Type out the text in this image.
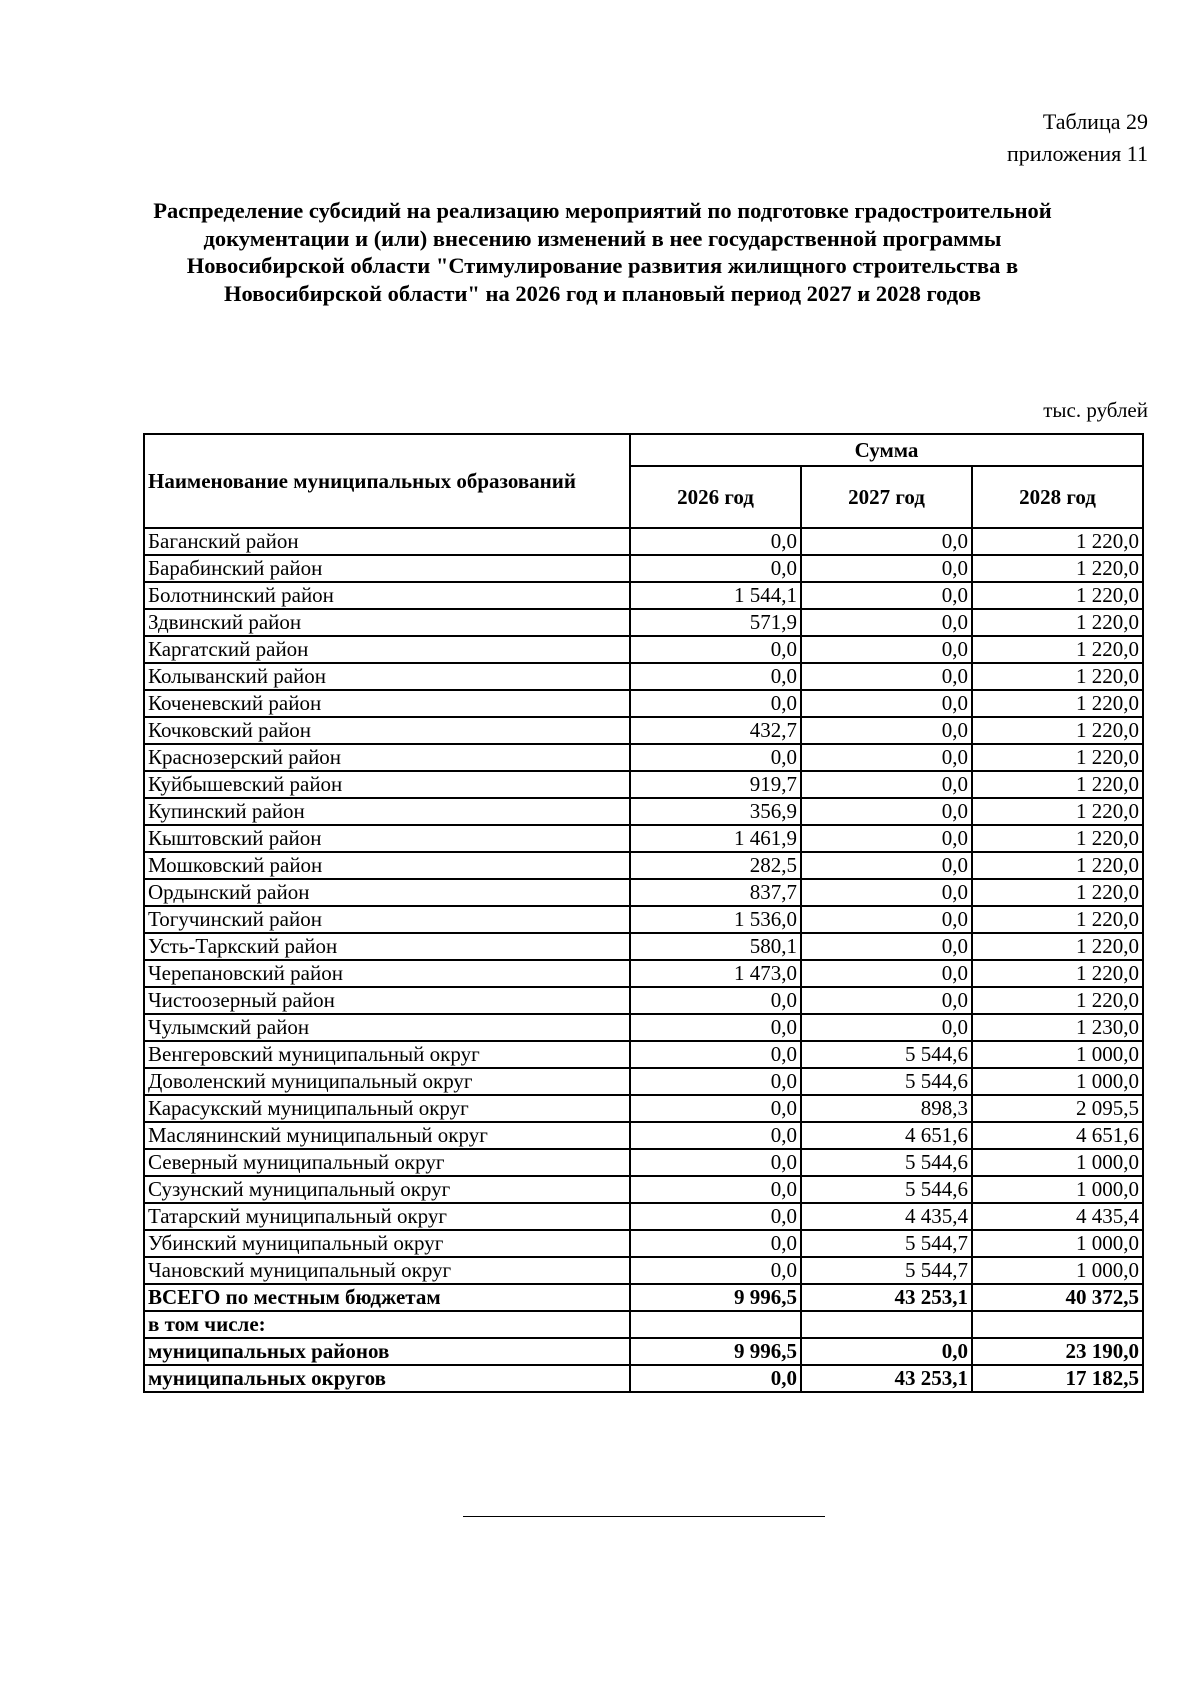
Таблица 29
приложения 11
Распределение субсидий на реализацию мероприятий по подготовке градостроительной документации и (или) внесению изменений в нее государственной программы Новосибирской области "Стимулирование развития жилищного строительства в Новосибирской области" на 2026 год и плановый период 2027 и 2028 годов
тыс. рублей
Наименование муниципальных образований	Сумма		
	2026 год	2027 год	2028 год
Баганский район	0,0	0,0	1 220,0
Барабинский район	0,0	0,0	1 220,0
Болотнинский район	1 544,1	0,0	1 220,0
Здвинский район	571,9	0,0	1 220,0
Каргатский район	0,0	0,0	1 220,0
Колыванский район	0,0	0,0	1 220,0
Коченевский район	0,0	0,0	1 220,0
Кочковский район	432,7	0,0	1 220,0
Краснозерский район	0,0	0,0	1 220,0
Куйбышевский район	919,7	0,0	1 220,0
Купинский район	356,9	0,0	1 220,0
Кыштовский район	1 461,9	0,0	1 220,0
Мошковский район	282,5	0,0	1 220,0
Ордынский район	837,7	0,0	1 220,0
Тогучинский район	1 536,0	0,0	1 220,0
Усть-Таркский район	580,1	0,0	1 220,0
Черепановский район	1 473,0	0,0	1 220,0
Чистоозерный район	0,0	0,0	1 220,0
Чулымский район	0,0	0,0	1 230,0
Венгеровский муниципальный округ	0,0	5 544,6	1 000,0
Доволенский муниципальный округ	0,0	5 544,6	1 000,0
Карасукский муниципальный округ	0,0	898,3	2 095,5
Маслянинский муниципальный округ	0,0	4 651,6	4 651,6
Северный муниципальный округ	0,0	5 544,6	1 000,0
Сузунский муниципальный округ	0,0	5 544,6	1 000,0
Татарский муниципальный округ	0,0	4 435,4	4 435,4
Убинский муниципальный округ	0,0	5 544,7	1 000,0
Чановский муниципальный округ	0,0	5 544,7	1 000,0
ВСЕГО по местным бюджетам	9 996,5	43 253,1	40 372,5
в том числе:			
муниципальных районов	9 996,5	0,0	23 190,0
муниципальных округов	0,0	43 253,1	17 182,5
